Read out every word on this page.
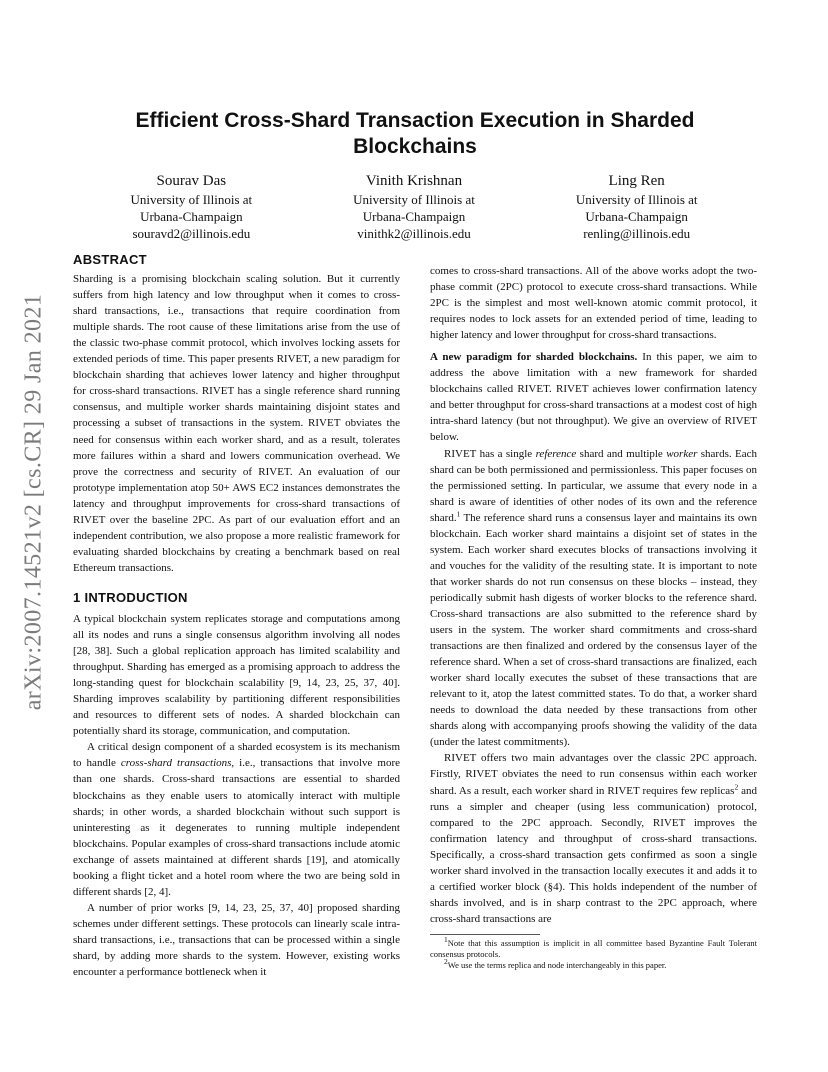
arXiv:2007.14521v2 [cs.CR] 29 Jan 2021
Efficient Cross-Shard Transaction Execution in Sharded Blockchains
Sourav Das
University of Illinois at
Urbana-Champaign
souravd2@illinois.edu
Vinith Krishnan
University of Illinois at
Urbana-Champaign
vinithk2@illinois.edu
Ling Ren
University of Illinois at
Urbana-Champaign
renling@illinois.edu
ABSTRACT

Sharding is a promising blockchain scaling solution. But it currently suffers from high latency and low throughput when it comes to cross-shard transactions, i.e., transactions that require coordination from multiple shards. The root cause of these limitations arise from the use of the classic two-phase commit protocol, which involves locking assets for extended periods of time. This paper presents RIVET, a new paradigm for blockchain sharding that achieves lower latency and higher throughput for cross-shard transactions. RIVET has a single reference shard running consensus, and multiple worker shards maintaining disjoint states and processing a subset of transactions in the system. RIVET obviates the need for consensus within each worker shard, and as a result, tolerates more failures within a shard and lowers communication overhead. We prove the correctness and security of RIVET. An evaluation of our prototype implementation atop 50+ AWS EC2 instances demonstrates the latency and throughput improvements for cross-shard transactions of RIVET over the baseline 2PC. As part of our evaluation effort and an independent contribution, we also propose a more realistic framework for evaluating sharded blockchains by creating a benchmark based on real Ethereum transactions.

1 INTRODUCTION

A typical blockchain system replicates storage and computations among all its nodes and runs a single consensus algorithm involving all nodes [28, 38]. Such a global replication approach has limited scalability and throughput. Sharding has emerged as a promising approach to address the long-standing quest for blockchain scalability [9, 14, 23, 25, 37, 40]. Sharding improves scalability by partitioning different responsibilities and resources to different sets of nodes. A sharded blockchain can potentially shard its storage, communication, and computation.

A critical design component of a sharded ecosystem is its mechanism to handle cross-shard transactions, i.e., transactions that involve more than one shards. Cross-shard transactions are essential to sharded blockchains as they enable users to atomically interact with multiple shards; in other words, a sharded blockchain without such support is uninteresting as it degenerates to running multiple independent blockchains. Popular examples of cross-shard transactions include atomic exchange of assets maintained at different shards [19], and atomically booking a flight ticket and a hotel room where the two are being sold in different shards [2, 4].

A number of prior works [9, 14, 23, 25, 37, 40] proposed sharding schemes under different settings. These protocols can linearly scale intra-shard transactions, i.e., transactions that can be processed within a single shard, by adding more shards to the system. However, existing works encounter a performance bottleneck when it

comes to cross-shard transactions. All of the above works adopt the two-phase commit (2PC) protocol to execute cross-shard transactions. While 2PC is the simplest and most well-known atomic commit protocol, it requires nodes to lock assets for an extended period of time, leading to higher latency and lower throughput for cross-shard transactions.

A new paradigm for sharded blockchains. In this paper, we aim to address the above limitation with a new framework for sharded blockchains called RIVET. RIVET achieves lower confirmation latency and better throughput for cross-shard transactions at a modest cost of high intra-shard latency (but not throughput). We give an overview of RIVET below.

RIVET has a single reference shard and multiple worker shards. Each shard can be both permissioned and permissionless. This paper focuses on the permissioned setting. In particular, we assume that every node in a shard is aware of identities of other nodes of its own and the reference shard.$^1$ The reference shard runs a consensus layer and maintains its own blockchain. Each worker shard maintains a disjoint set of states in the system. Each worker shard executes blocks of transactions involving it and vouches for the validity of the resulting state. It is important to note that worker shards do not run consensus on these blocks – instead, they periodically submit hash digests of worker blocks to the reference shard. Cross-shard transactions are also submitted to the reference shard by users in the system. The worker shard commitments and cross-shard transactions are then finalized and ordered by the consensus layer of the reference shard. When a set of cross-shard transactions are finalized, each worker shard locally executes the subset of these transactions that are relevant to it, atop the latest committed states. To do that, a worker shard needs to download the data needed by these transactions from other shards along with accompanying proofs showing the validity of the data (under the latest commitments).

RIVET offers two main advantages over the classic 2PC approach. Firstly, RIVET obviates the need to run consensus within each worker shard. As a result, each worker shard in RIVET requires few replicas$^2$ and runs a simpler and cheaper (using less communication) protocol, compared to the 2PC approach. Secondly, RIVET improves the confirmation latency and throughput of cross-shard transactions. Specifically, a cross-shard transaction gets confirmed as soon a single worker shard involved in the transaction locally executes it and adds it to a certified worker block (§4). This holds independent of the number of shards involved, and is in sharp contrast to the 2PC approach, where cross-shard transactions are

$^1$Note that this assumption is implicit in all committee based Byzantine Fault Tolerant consensus protocols.

$^2$We use the terms replica and node interchangeably in this paper.
